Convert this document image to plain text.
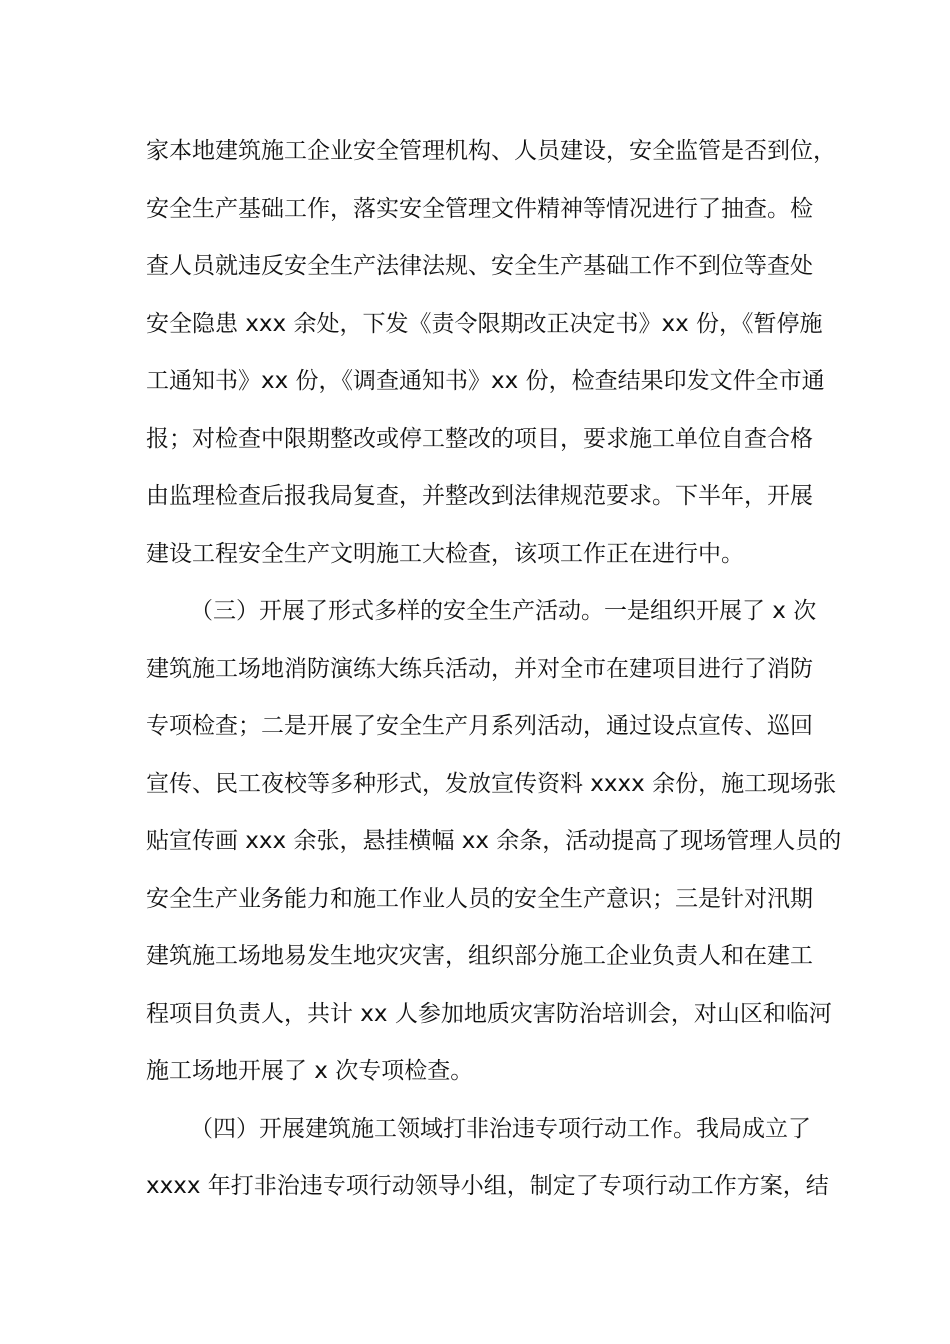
家本地建筑施工企业安全管理机构、人员建设，安全监管是否到位，
安全生产基础工作，落实安全管理文件精神等情况进行了抽查。检
查人员就违反安全生产法律法规、安全生产基础工作不到位等查处
安全隐患 xxx 余处，下发《责令限期改正决定书》xx 份，《暂停施
工通知书》xx 份，《调查通知书》xx 份，检查结果印发文件全市通
报；对检查中限期整改或停工整改的项目，要求施工单位自查合格
由监理检查后报我局复查，并整改到法律规范要求。下半年，开展
建设工程安全生产文明施工大检查，该项工作正在进行中。
（三）开展了形式多样的安全生产活动。一是组织开展了 x 次
建筑施工场地消防演练大练兵活动，并对全市在建项目进行了消防
专项检查；二是开展了安全生产月系列活动，通过设点宣传、巡回
宣传、民工夜校等多种形式，发放宣传资料 xxxx 余份，施工现场张
贴宣传画 xxx 余张，悬挂横幅 xx 余条，活动提高了现场管理人员的
安全生产业务能力和施工作业人员的安全生产意识；三是针对汛期
建筑施工场地易发生地灾灾害，组织部分施工企业负责人和在建工
程项目负责人，共计 xx 人参加地质灾害防治培训会，对山区和临河
施工场地开展了 x 次专项检查。
（四）开展建筑施工领域打非治违专项行动工作。我局成立了
xxxx 年打非治违专项行动领导小组，制定了专项行动工作方案，结
